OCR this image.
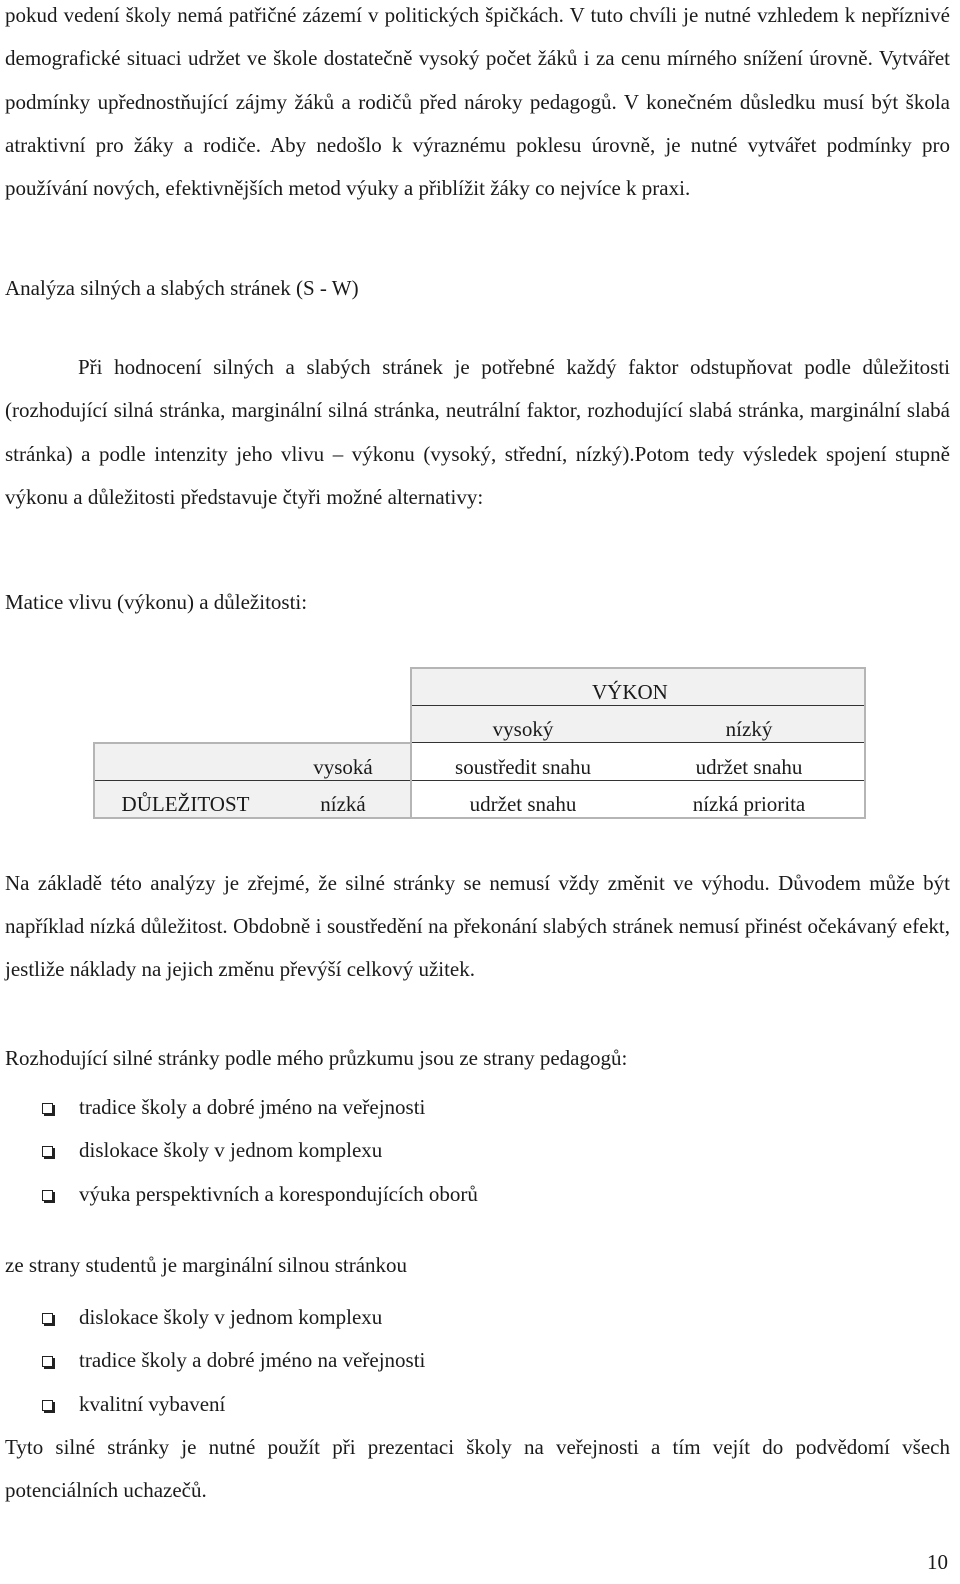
pokud vedení školy nemá patřičné zázemí v politických špičkách. V tuto chvíli je nutné vzhledem k nepříznivé demografické situaci udržet ve škole dostatečně vysoký počet žáků i za cenu mírného snížení úrovně. Vytvářet podmínky upřednostňující zájmy žáků a rodičů před nároky pedagogů. V konečném důsledku musí být škola atraktivní pro žáky a rodiče. Aby nedošlo k výraznému poklesu úrovně, je nutné vytvářet podmínky pro používání nových, efektivnějších metod výuky a přiblížit žáky co nejvíce k praxi.

Analýza silných a slabých stránek (S - W)

Při hodnocení silných a slabých stránek je potřebné každý faktor odstupňovat podle důležitosti (rozhodující silná stránka, marginální silná stránka, neutrální faktor, rozhodující slabá stránka, marginální slabá stránka) a podle intenzity jeho vlivu – výkonu (vysoký, střední, nízký).Potom tedy výsledek spojení stupně výkonu a důležitosti představuje čtyři možné alternativy:

Matice vlivu (výkonu) a důležitosti:

			VÝKON
		vysoký	nízký
	vysoká	soustředit snahu	udržet snahu
DŮLEŽITOST	nízká	udržet snahu	nízká priorita

Na základě této analýzy je zřejmé, že silné stránky se nemusí vždy změnit ve výhodu. Důvodem může být například nízká důležitost. Obdobně i soustředění na překonání slabých stránek nemusí přinést očekávaný efekt, jestliže náklady na jejich změnu převýší celkový užitek.

Rozhodující silné stránky podle mého průzkumu jsou ze strany pedagogů:

tradice školy a dobré jméno na veřejnosti
dislokace školy v jednom komplexu
výuka perspektivních a korespondujících oborů

ze strany studentů je marginální silnou stránkou

dislokace školy v jednom komplexu
tradice školy a dobré jméno na veřejnosti
kvalitní vybavení

Tyto silné stránky je nutné použít při prezentaci školy na veřejnosti a tím vejít do podvědomí všech potenciálních uchazečů.

10
